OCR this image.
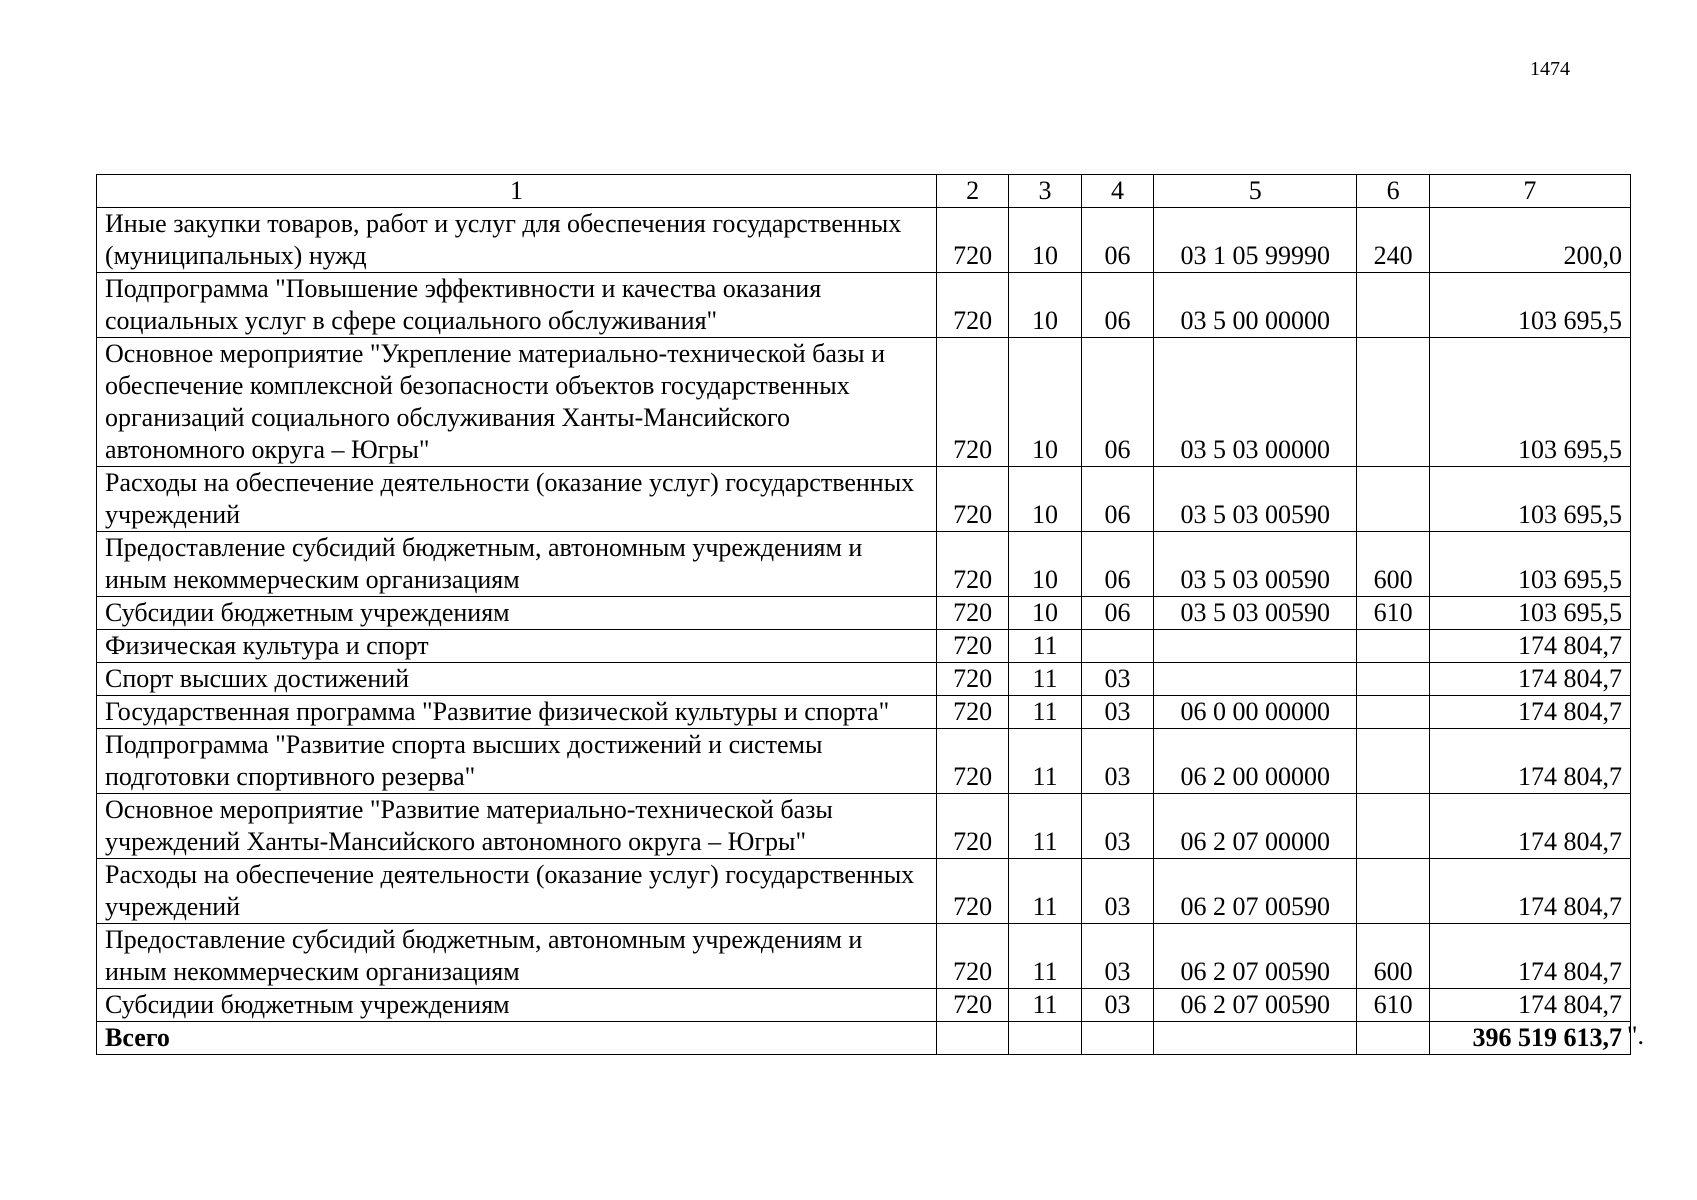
1474
1	2	3	4	5	6	7
Иные закупки товаров, работ и услуг для обеспечения государственных (муниципальных) нужд	720	10	06	03 1 05 99990	240	200,0
Подпрограмма "Повышение эффективности и качества оказания социальных услуг в сфере социального обслуживания"	720	10	06	03 5 00 00000		103 695,5
Основное мероприятие "Укрепление материально-технической базы и обеспечение комплексной безопасности объектов государственных организаций социального обслуживания Ханты-Мансийского автономного округа – Югры"	720	10	06	03 5 03 00000		103 695,5
Расходы на обеспечение деятельности (оказание услуг) государственных учреждений	720	10	06	03 5 03 00590		103 695,5
Предоставление субсидий бюджетным, автономным учреждениям и иным некоммерческим организациям	720	10	06	03 5 03 00590	600	103 695,5
Субсидии бюджетным учреждениям	720	10	06	03 5 03 00590	610	103 695,5
Физическая культура и спорт	720	11				174 804,7
Спорт высших достижений	720	11	03			174 804,7
Государственная программа "Развитие физической культуры и спорта"	720	11	03	06 0 00 00000		174 804,7
Подпрограмма "Развитие спорта высших достижений и системы подготовки спортивного резерва"	720	11	03	06 2 00 00000		174 804,7
Основное мероприятие "Развитие материально-технической базы учреждений Ханты-Мансийского автономного округа – Югры"	720	11	03	06 2 07 00000		174 804,7
Расходы на обеспечение деятельности (оказание услуг) государственных учреждений	720	11	03	06 2 07 00590		174 804,7
Предоставление субсидий бюджетным, автономным учреждениям и иным некоммерческим организациям	720	11	03	06 2 07 00590	600	174 804,7
Субсидии бюджетным учреждениям	720	11	03	06 2 07 00590	610	174 804,7
Всего						396 519 613,7 ".
